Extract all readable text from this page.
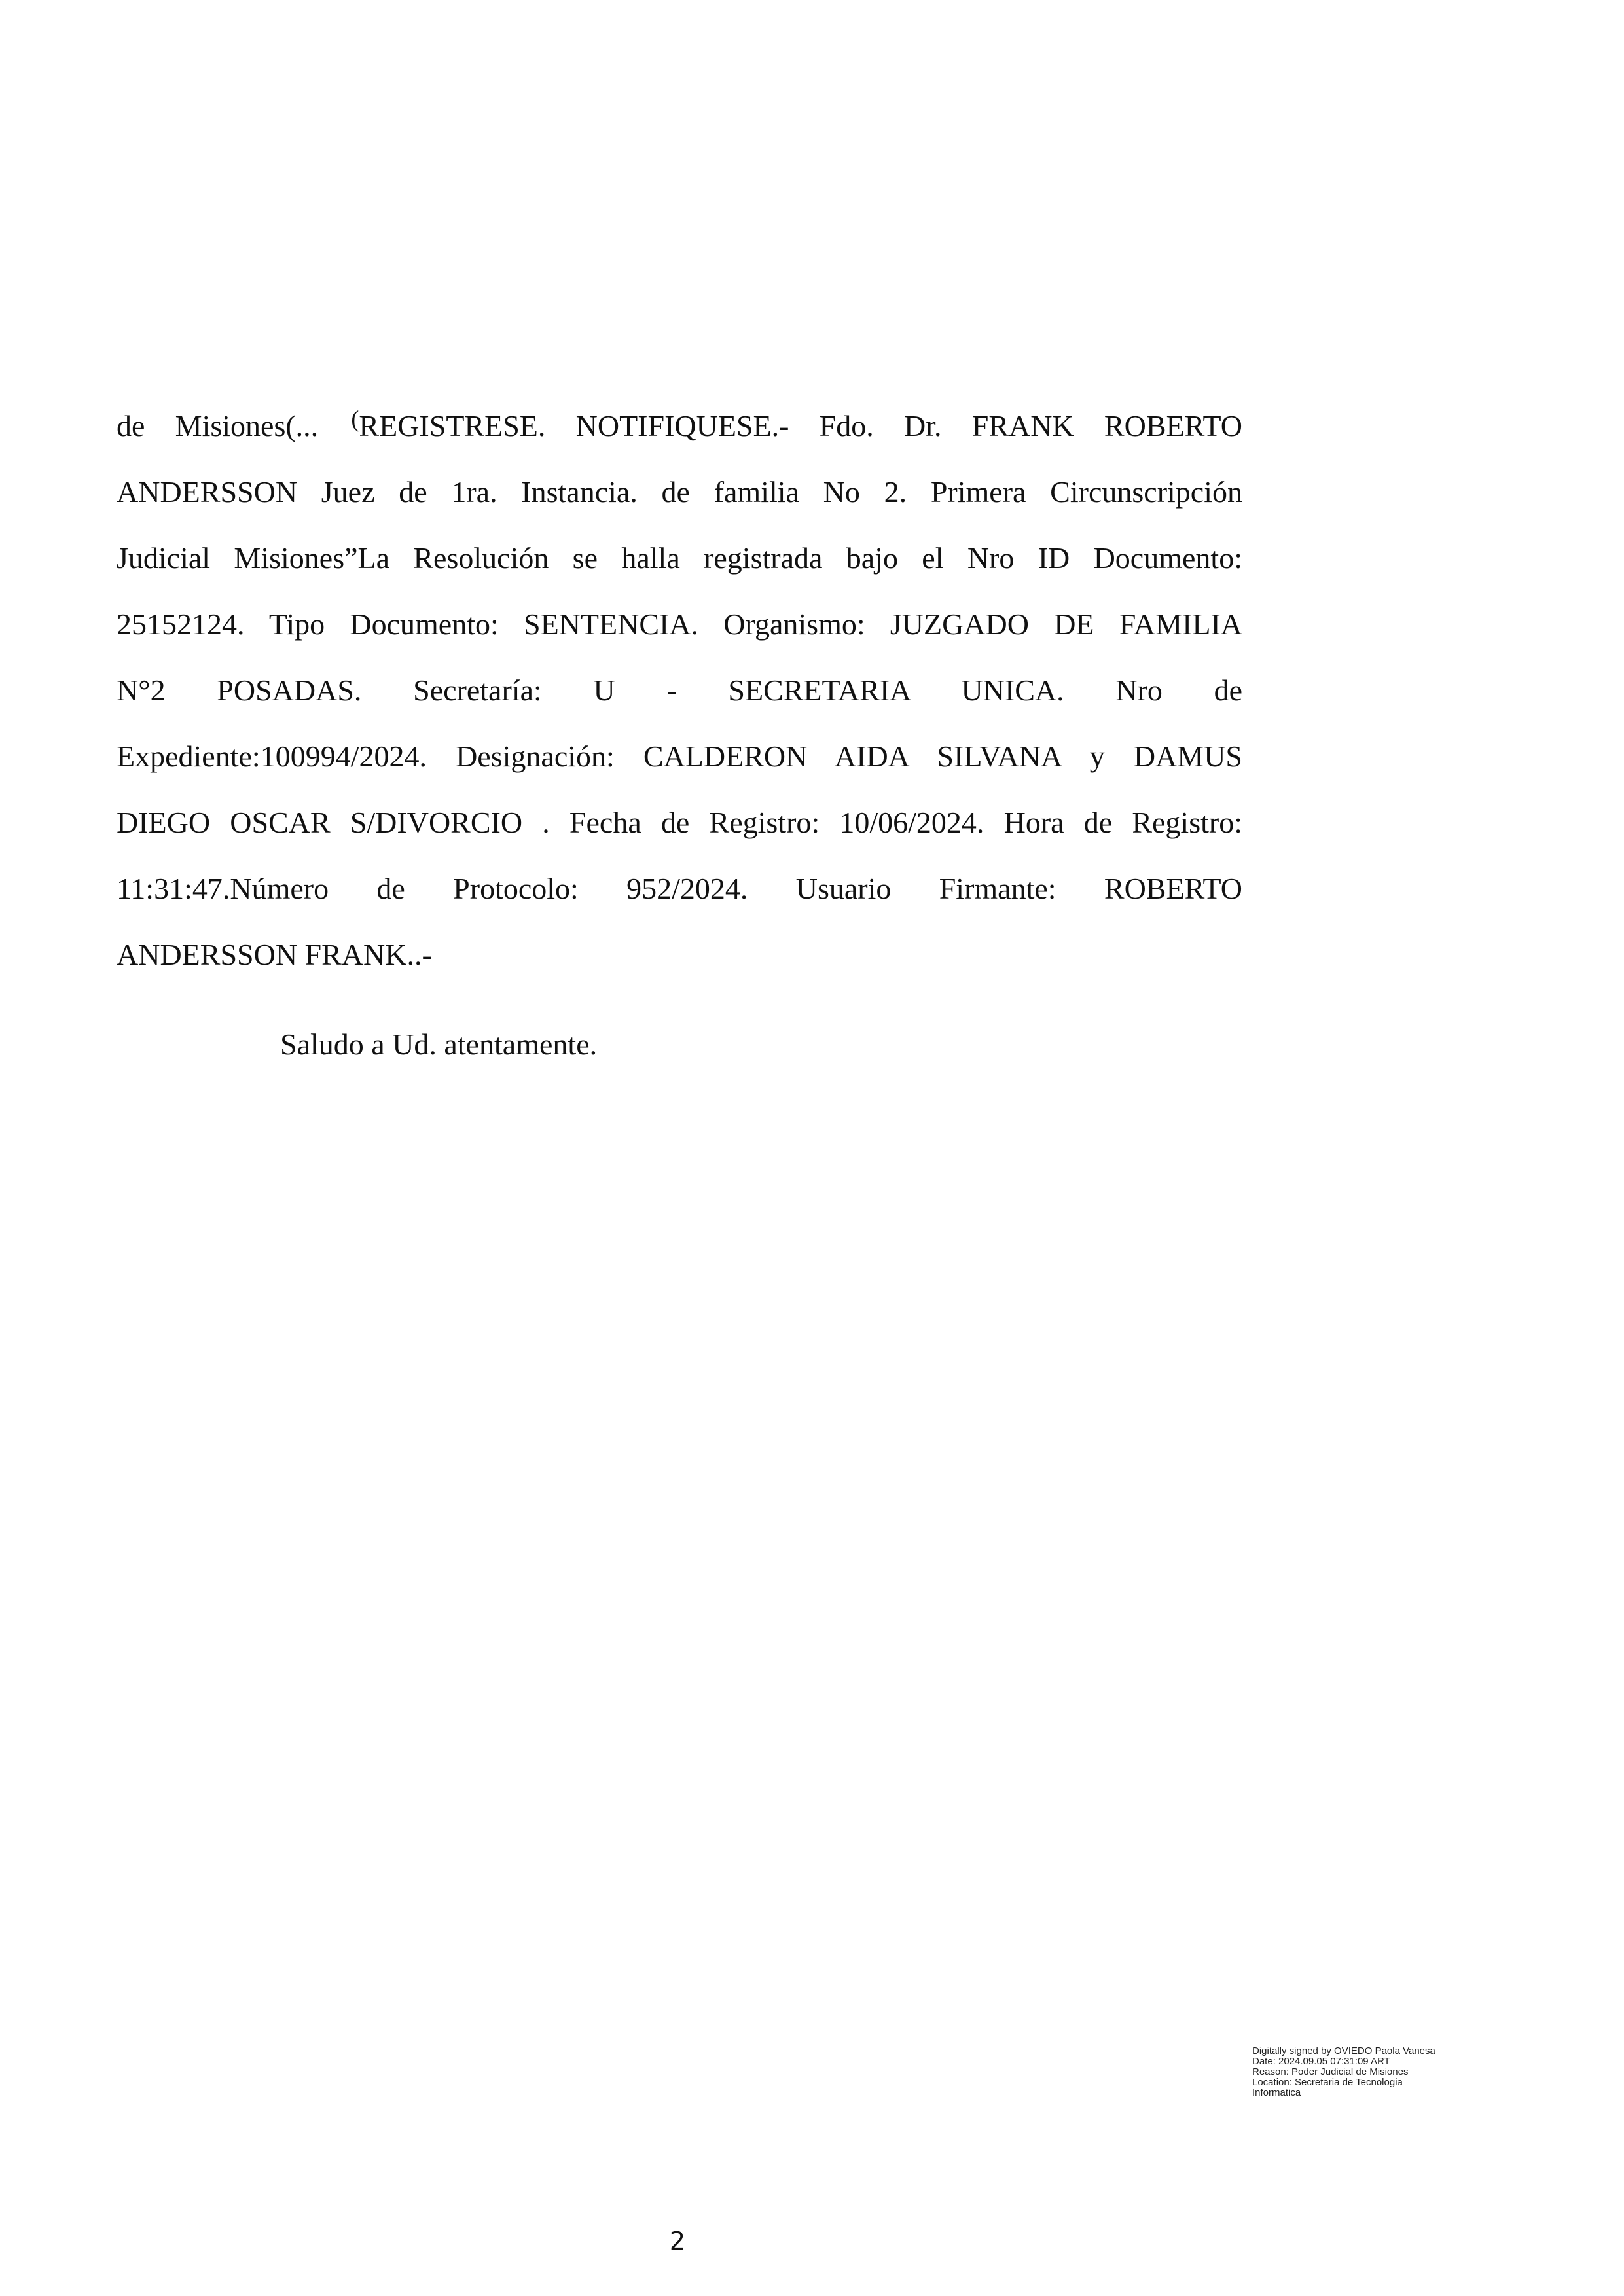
de Misiones(... (REGISTRESE. NOTIFIQUESE.- Fdo. Dr. FRANK ROBERTO
ANDERSSON Juez de 1ra. Instancia. de familia No 2. Primera Circunscripción
Judicial Misiones”La Resolución se halla registrada bajo el Nro ID Documento:
25152124. Tipo Documento: SENTENCIA. Organismo: JUZGADO DE FAMILIA
N°2 POSADAS. Secretaría: U - SECRETARIA UNICA. Nro de
Expediente:100994/2024. Designación: CALDERON AIDA SILVANA y DAMUS
DIEGO OSCAR S/DIVORCIO . Fecha de Registro: 10/06/2024. Hora de Registro:
11:31:47.Número de Protocolo: 952/2024. Usuario Firmante: ROBERTO
ANDERSSON FRANK..-
Saludo a Ud. atentamente.
Digitally signed by OVIEDO Paola Vanesa
Date: 2024.09.05 07:31:09 ART
Reason: Poder Judicial de Misiones
Location: Secretaria de Tecnologia
Informatica
2
